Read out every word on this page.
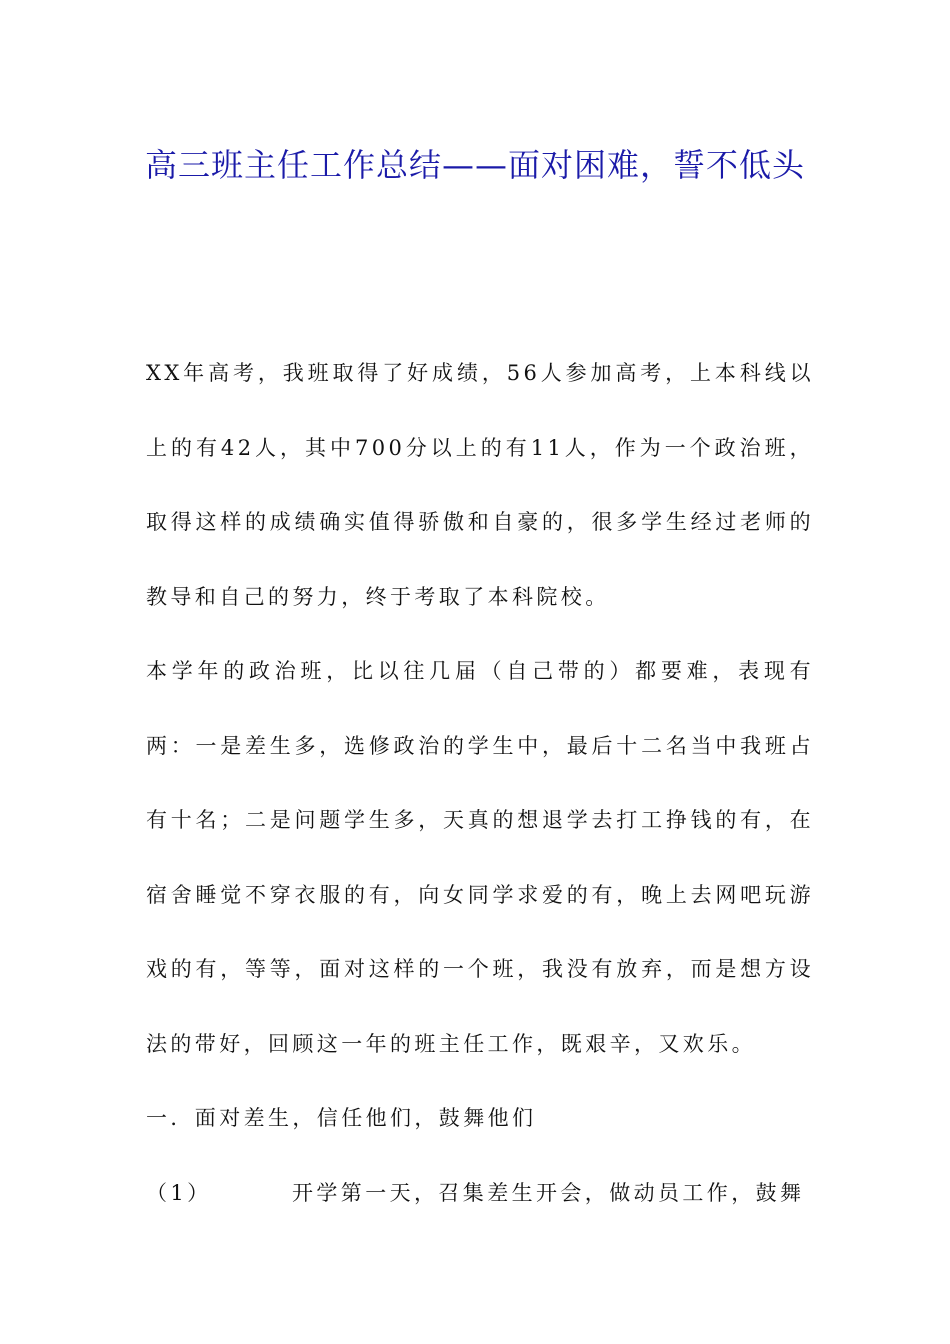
高三班主任工作总结——面对困难，誓不低头

XX年高考，我班取得了好成绩，56人参加高考，上本科线以上的有42人，其中700分以上的有11人，作为一个政治班，取得这样的成绩确实值得骄傲和自豪的，很多学生经过老师的教导和自己的努力，终于考取了本科院校。

本学年的政治班，比以往几届（自己带的）都要难，表现有两：一是差生多，选修政治的学生中，最后十二名当中我班占有十名；二是问题学生多，天真的想退学去打工挣钱的有，在宿舍睡觉不穿衣服的有，向女同学求爱的有，晚上去网吧玩游戏的有，等等，面对这样的一个班，我没有放弃，而是想方设法的带好，回顾这一年的班主任工作，既艰辛，又欢乐。

一．面对差生，信任他们，鼓舞他们

（1）	开学第一天，召集差生开会，做动员工作，鼓舞
